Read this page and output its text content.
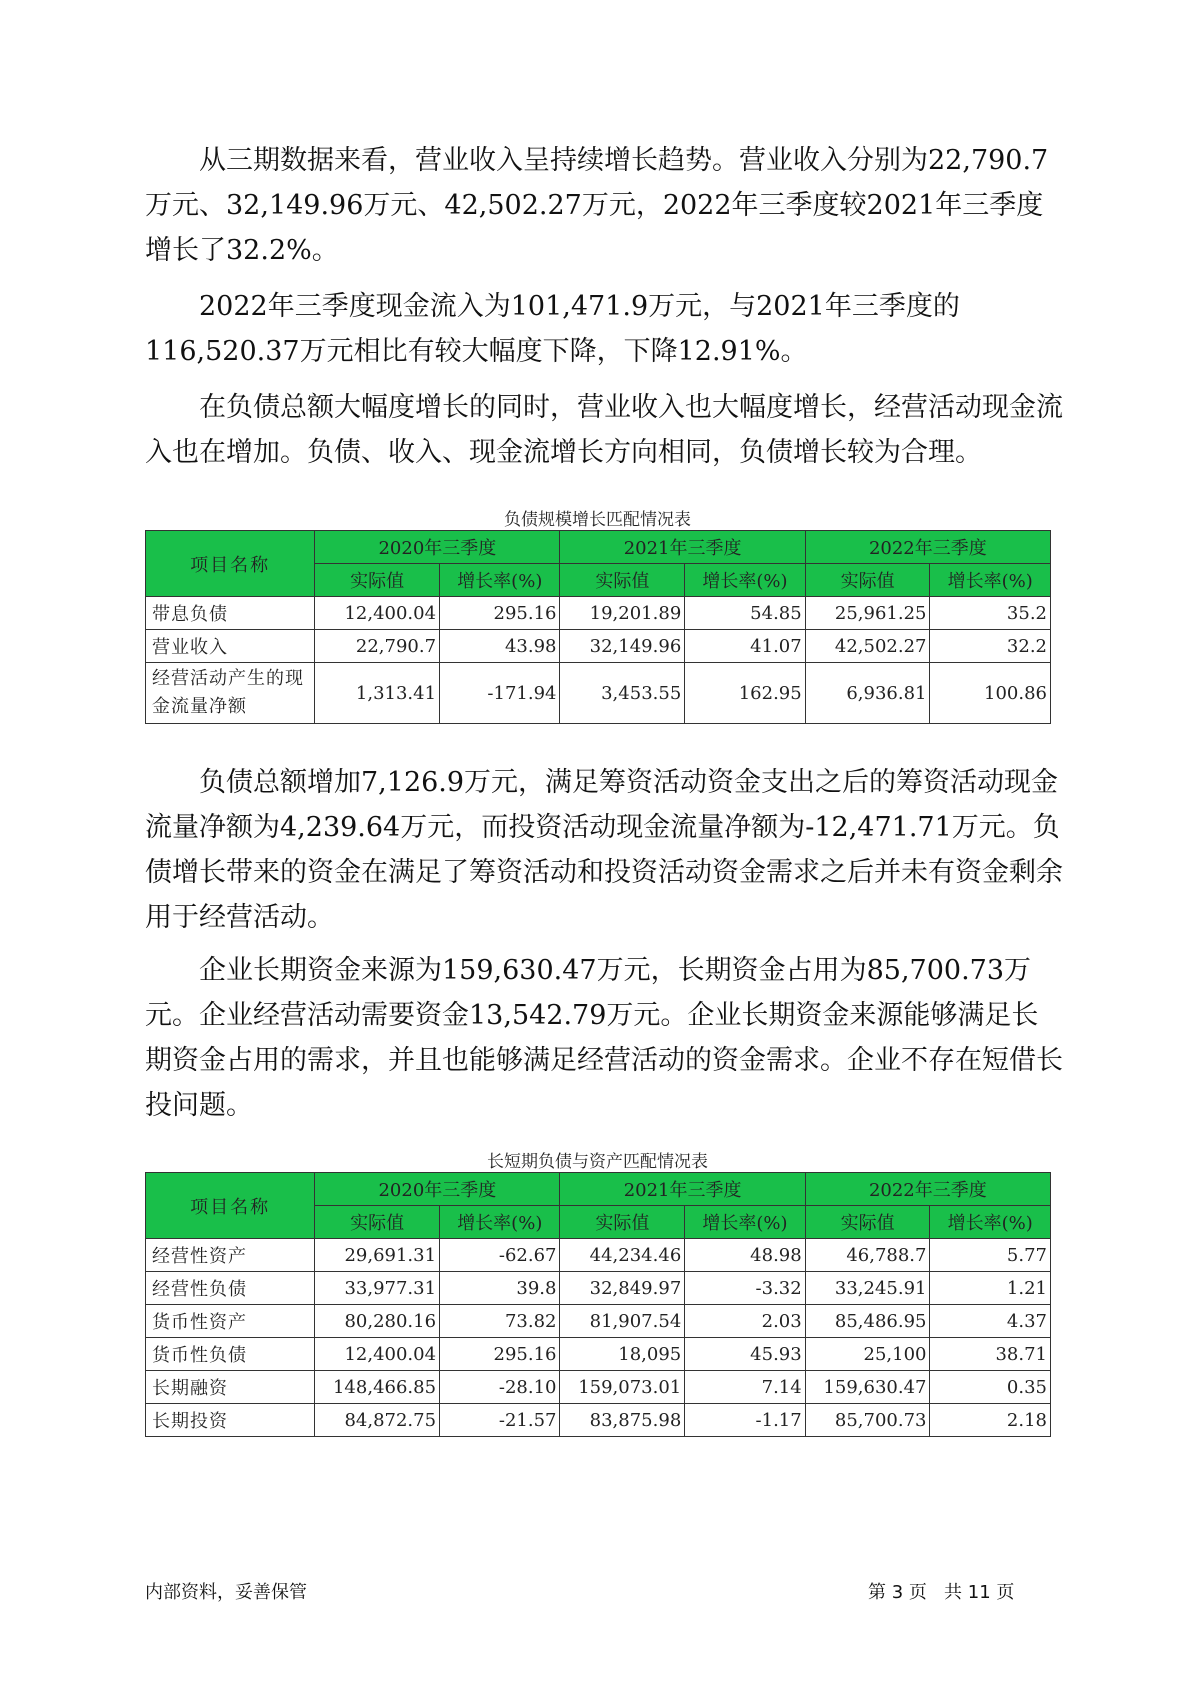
从三期数据来看，营业收入呈持续增长趋势。营业收入分别为22,790.7万元、32,149.96万元、42,502.27万元，2022年三季度较2021年三季度增长了32.2%。

2022年三季度现金流入为101,471.9万元，与2021年三季度的116,520.37万元相比有较大幅度下降，下降12.91%。

在负债总额大幅度增长的同时，营业收入也大幅度增长，经营活动现金流入也在增加。负债、收入、现金流增长方向相同，负债增长较为合理。

负债规模增长匹配情况表
项目名称	2020年三季度		2021年三季度		2022年三季度	
	实际值	增长率(%)	实际值	增长率(%)	实际值	增长率(%)
带息负债	12,400.04	295.16	19,201.89	54.85	25,961.25	35.2
营业收入	22,790.7	43.98	32,149.96	41.07	42,502.27	32.2
经营活动产生的现金流量净额	1,313.41	-171.94	3,453.55	162.95	6,936.81	100.86

负债总额增加7,126.9万元，满足筹资活动资金支出之后的筹资活动现金流量净额为4,239.64万元，而投资活动现金流量净额为-12,471.71万元。负债增长带来的资金在满足了筹资活动和投资活动资金需求之后并未有资金剩余用于经营活动。

企业长期资金来源为159,630.47万元，长期资金占用为85,700.73万元。企业经营活动需要资金13,542.79万元。企业长期资金来源能够满足长期资金占用的需求，并且也能够满足经营活动的资金需求。企业不存在短借长投问题。

长短期负债与资产匹配情况表
项目名称	2020年三季度		2021年三季度		2022年三季度	
	实际值	增长率(%)	实际值	增长率(%)	实际值	增长率(%)
经营性资产	29,691.31	-62.67	44,234.46	48.98	46,788.7	5.77
经营性负债	33,977.31	39.8	32,849.97	-3.32	33,245.91	1.21
货币性资产	80,280.16	73.82	81,907.54	2.03	85,486.95	4.37
货币性负债	12,400.04	295.16	18,095	45.93	25,100	38.71
长期融资	148,466.85	-28.10	159,073.01	7.14	159,630.47	0.35
长期投资	84,872.75	-21.57	83,875.98	-1.17	85,700.73	2.18
内部资料，妥善保管	第 3 页   共 11 页
